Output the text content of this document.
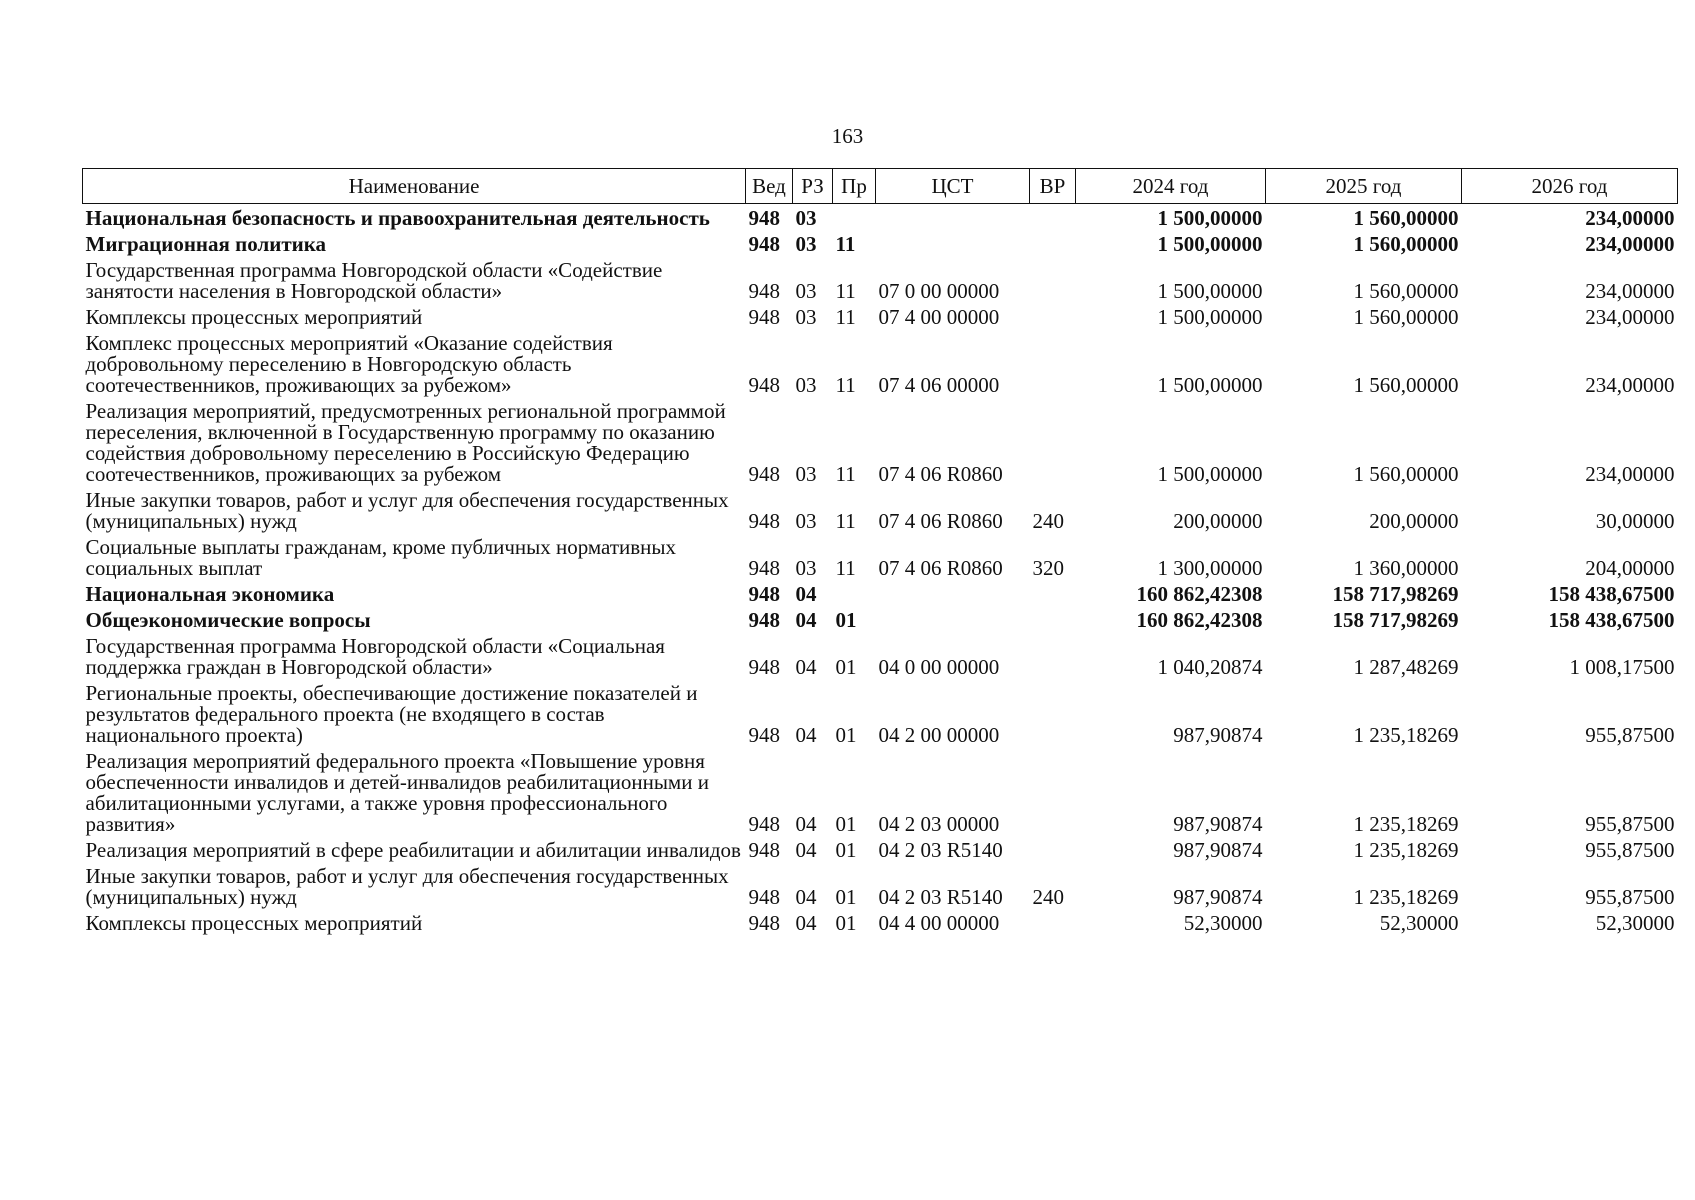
163
Наименование	Вед	РЗ	Пр	ЦСТ	ВР	2024 год	2025 год	2026 год
Национальная безопасность и правоохранительная деятельность	948	03				1 500,00000	1 560,00000	234,00000
Миграционная политика	948	03	11			1 500,00000	1 560,00000	234,00000
Государственная программа Новгородской области «Содействие занятости населения в Новгородской области»	948	03	11	07 0 00 00000		1 500,00000	1 560,00000	234,00000
Комплексы процессных мероприятий	948	03	11	07 4 00 00000		1 500,00000	1 560,00000	234,00000
Комплекс процессных мероприятий «Оказание содействия добровольному переселению в Новгородскую область соотечественников, проживающих за рубежом»	948	03	11	07 4 06 00000		1 500,00000	1 560,00000	234,00000
Реализация мероприятий, предусмотренных региональной программой переселения, включенной в Государственную программу по оказанию содействия добровольному переселению в Российскую Федерацию соотечественников, проживающих за рубежом	948	03	11	07 4 06 R0860		1 500,00000	1 560,00000	234,00000
Иные закупки товаров, работ и услуг для обеспечения государственных (муниципальных) нужд	948	03	11	07 4 06 R0860	240	200,00000	200,00000	30,00000
Социальные выплаты гражданам, кроме публичных нормативных социальных выплат	948	03	11	07 4 06 R0860	320	1 300,00000	1 360,00000	204,00000
Национальная экономика	948	04				160 862,42308	158 717,98269	158 438,67500
Общеэкономические вопросы	948	04	01			160 862,42308	158 717,98269	158 438,67500
Государственная программа Новгородской области «Социальная поддержка граждан в Новгородской области»	948	04	01	04 0 00 00000		1 040,20874	1 287,48269	1 008,17500
Региональные проекты, обеспечивающие достижение показателей и результатов федерального проекта (не входящего в состав национального проекта)	948	04	01	04 2 00 00000		987,90874	1 235,18269	955,87500
Реализация мероприятий федерального проекта «Повышение уровня обеспеченности инвалидов и детей-инвалидов реабилитационными и абилитационными услугами, а также уровня профессионального развития»	948	04	01	04 2 03 00000		987,90874	1 235,18269	955,87500
Реализация мероприятий в сфере реабилитации и абилитации инвалидов	948	04	01	04 2 03 R5140		987,90874	1 235,18269	955,87500
Иные закупки товаров, работ и услуг для обеспечения государственных (муниципальных) нужд	948	04	01	04 2 03 R5140	240	987,90874	1 235,18269	955,87500
Комплексы процессных мероприятий	948	04	01	04 4 00 00000		52,30000	52,30000	52,30000
